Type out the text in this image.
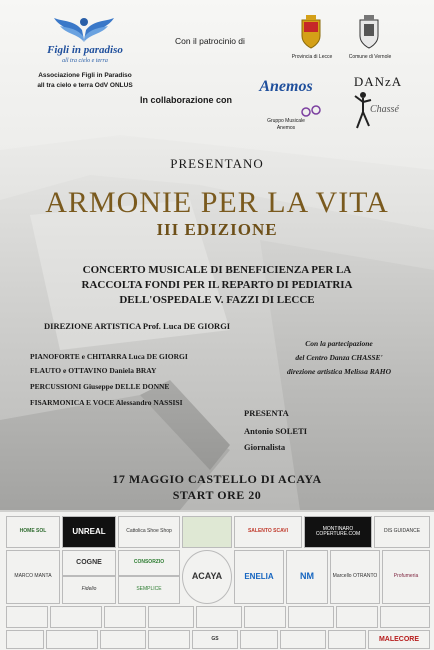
Figli in paradiso
all tra cielo e terra
Associazione Figli in Paradiso
all tra cielo e terra OdV ONLUS
Con il patrocinio di
Provincia di Lecce	Comune di Vernole
In collaborazione con
Anemos
Gruppo Musicale
Anemos
DANzA
Chassé
PRESENTANO
ARMONIE PER LA VITA
III EDIZIONE
CONCERTO MUSICALE DI BENEFICIENZA PER LA
RACCOLTA FONDI PER IL REPARTO DI PEDIATRIA
DELL'OSPEDALE V. FAZZI DI LECCE
DIREZIONE ARTISTICA Prof. Luca DE GIORGI
PIANOFORTE e CHITARRA Luca DE GIORGI
FLAUTO e OTTAVINO Daniela BRAY
PERCUSSIONI Giuseppe DELLE DONNE
FISARMONICA E VOCE Alessandro NASSISI
Con la partecipazione
del Centro Danza CHASSE'
direzione artistica Melissa RAHO
PRESENTA
Antonio SOLETI
Giornalista
17 MAGGIO CASTELLO DI ACAYA
START ORE 20
HOME SOL	UNREAL	Cattolica Shoe Shop	SALENTO SCAVI	MONTINARO COPERTURE.COM	DIS GUIDANCE
MARCO MANTA
COGNE
Fidelio
CONSORZIO
SEMPLICE
ACAYA	ENELIA	NM	Marcello OTRANTO	Profumeria
GS	MALECORE
